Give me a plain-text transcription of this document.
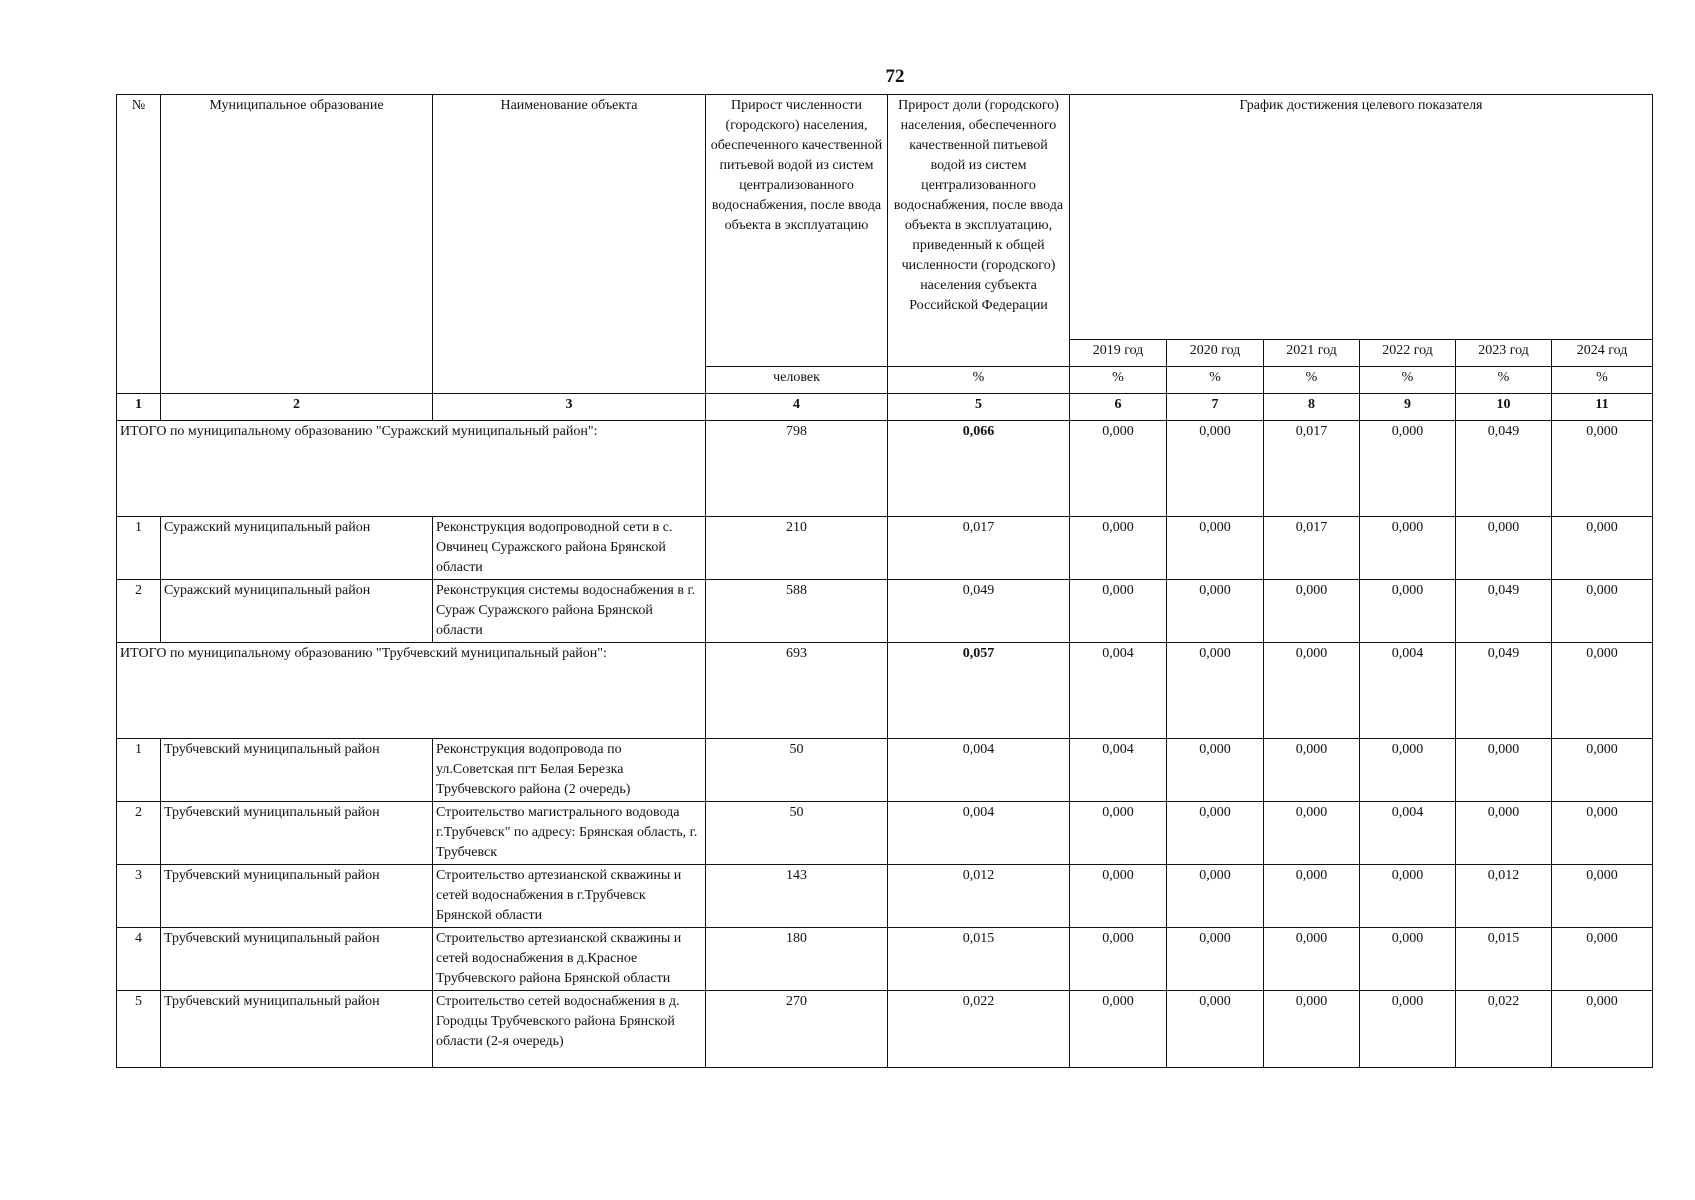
72
№	Муниципальное образование	Наименование объекта	Прирост численности (городского) населения, обеспеченного качественной питьевой водой из систем централизованного водоснабжения, после ввода объекта в эксплуатацию	Прирост доли (городского) населения, обеспеченного качественной питьевой водой из систем централизованного водоснабжения, после ввода объекта в эксплуатацию, приведенный к общей численности (городского) населения субъекта Российской Федерации	График достижения целевого показателя					
					2019 год	2020 год	2021 год	2022 год	2023 год	2024 год
			человек	%	%	%	%	%	%	%
1	2	3	4	5	6	7	8	9	10	11
ИТОГО по муниципальному образованию "Суражский муниципальный район":			798	0,066	0,000	0,000	0,017	0,000	0,049	0,000
1	Суражский муниципальный район	Реконструкция водопроводной сети в с. Овчинец Суражского района Брянской области	210	0,017	0,000	0,000	0,017	0,000	0,000	0,000
2	Суражский муниципальный район	Реконструкция системы водоснабжения в г. Сураж Суражского района Брянской области	588	0,049	0,000	0,000	0,000	0,000	0,049	0,000
ИТОГО по муниципальному образованию "Трубчевский муниципальный район":			693	0,057	0,004	0,000	0,000	0,004	0,049	0,000
1	Трубчевский муниципальный район	Реконструкция водопровода по ул.Советская пгт Белая Березка Трубчевского района (2 очередь)	50	0,004	0,004	0,000	0,000	0,000	0,000	0,000
2	Трубчевский муниципальный район	Строительство магистрального водовода г.Трубчевск" по адресу: Брянская область, г. Трубчевск	50	0,004	0,000	0,000	0,000	0,004	0,000	0,000
3	Трубчевский муниципальный район	Строительство артезианской скважины и сетей водоснабжения в г.Трубчевск Брянской области	143	0,012	0,000	0,000	0,000	0,000	0,012	0,000
4	Трубчевский муниципальный район	Строительство артезианской скважины и сетей водоснабжения в д.Красное Трубчевского района Брянской области	180	0,015	0,000	0,000	0,000	0,000	0,015	0,000
5	Трубчевский муниципальный район	Строительство сетей водоснабжения в д. Городцы Трубчевского района Брянской области (2-я очередь)	270	0,022	0,000	0,000	0,000	0,000	0,022	0,000
